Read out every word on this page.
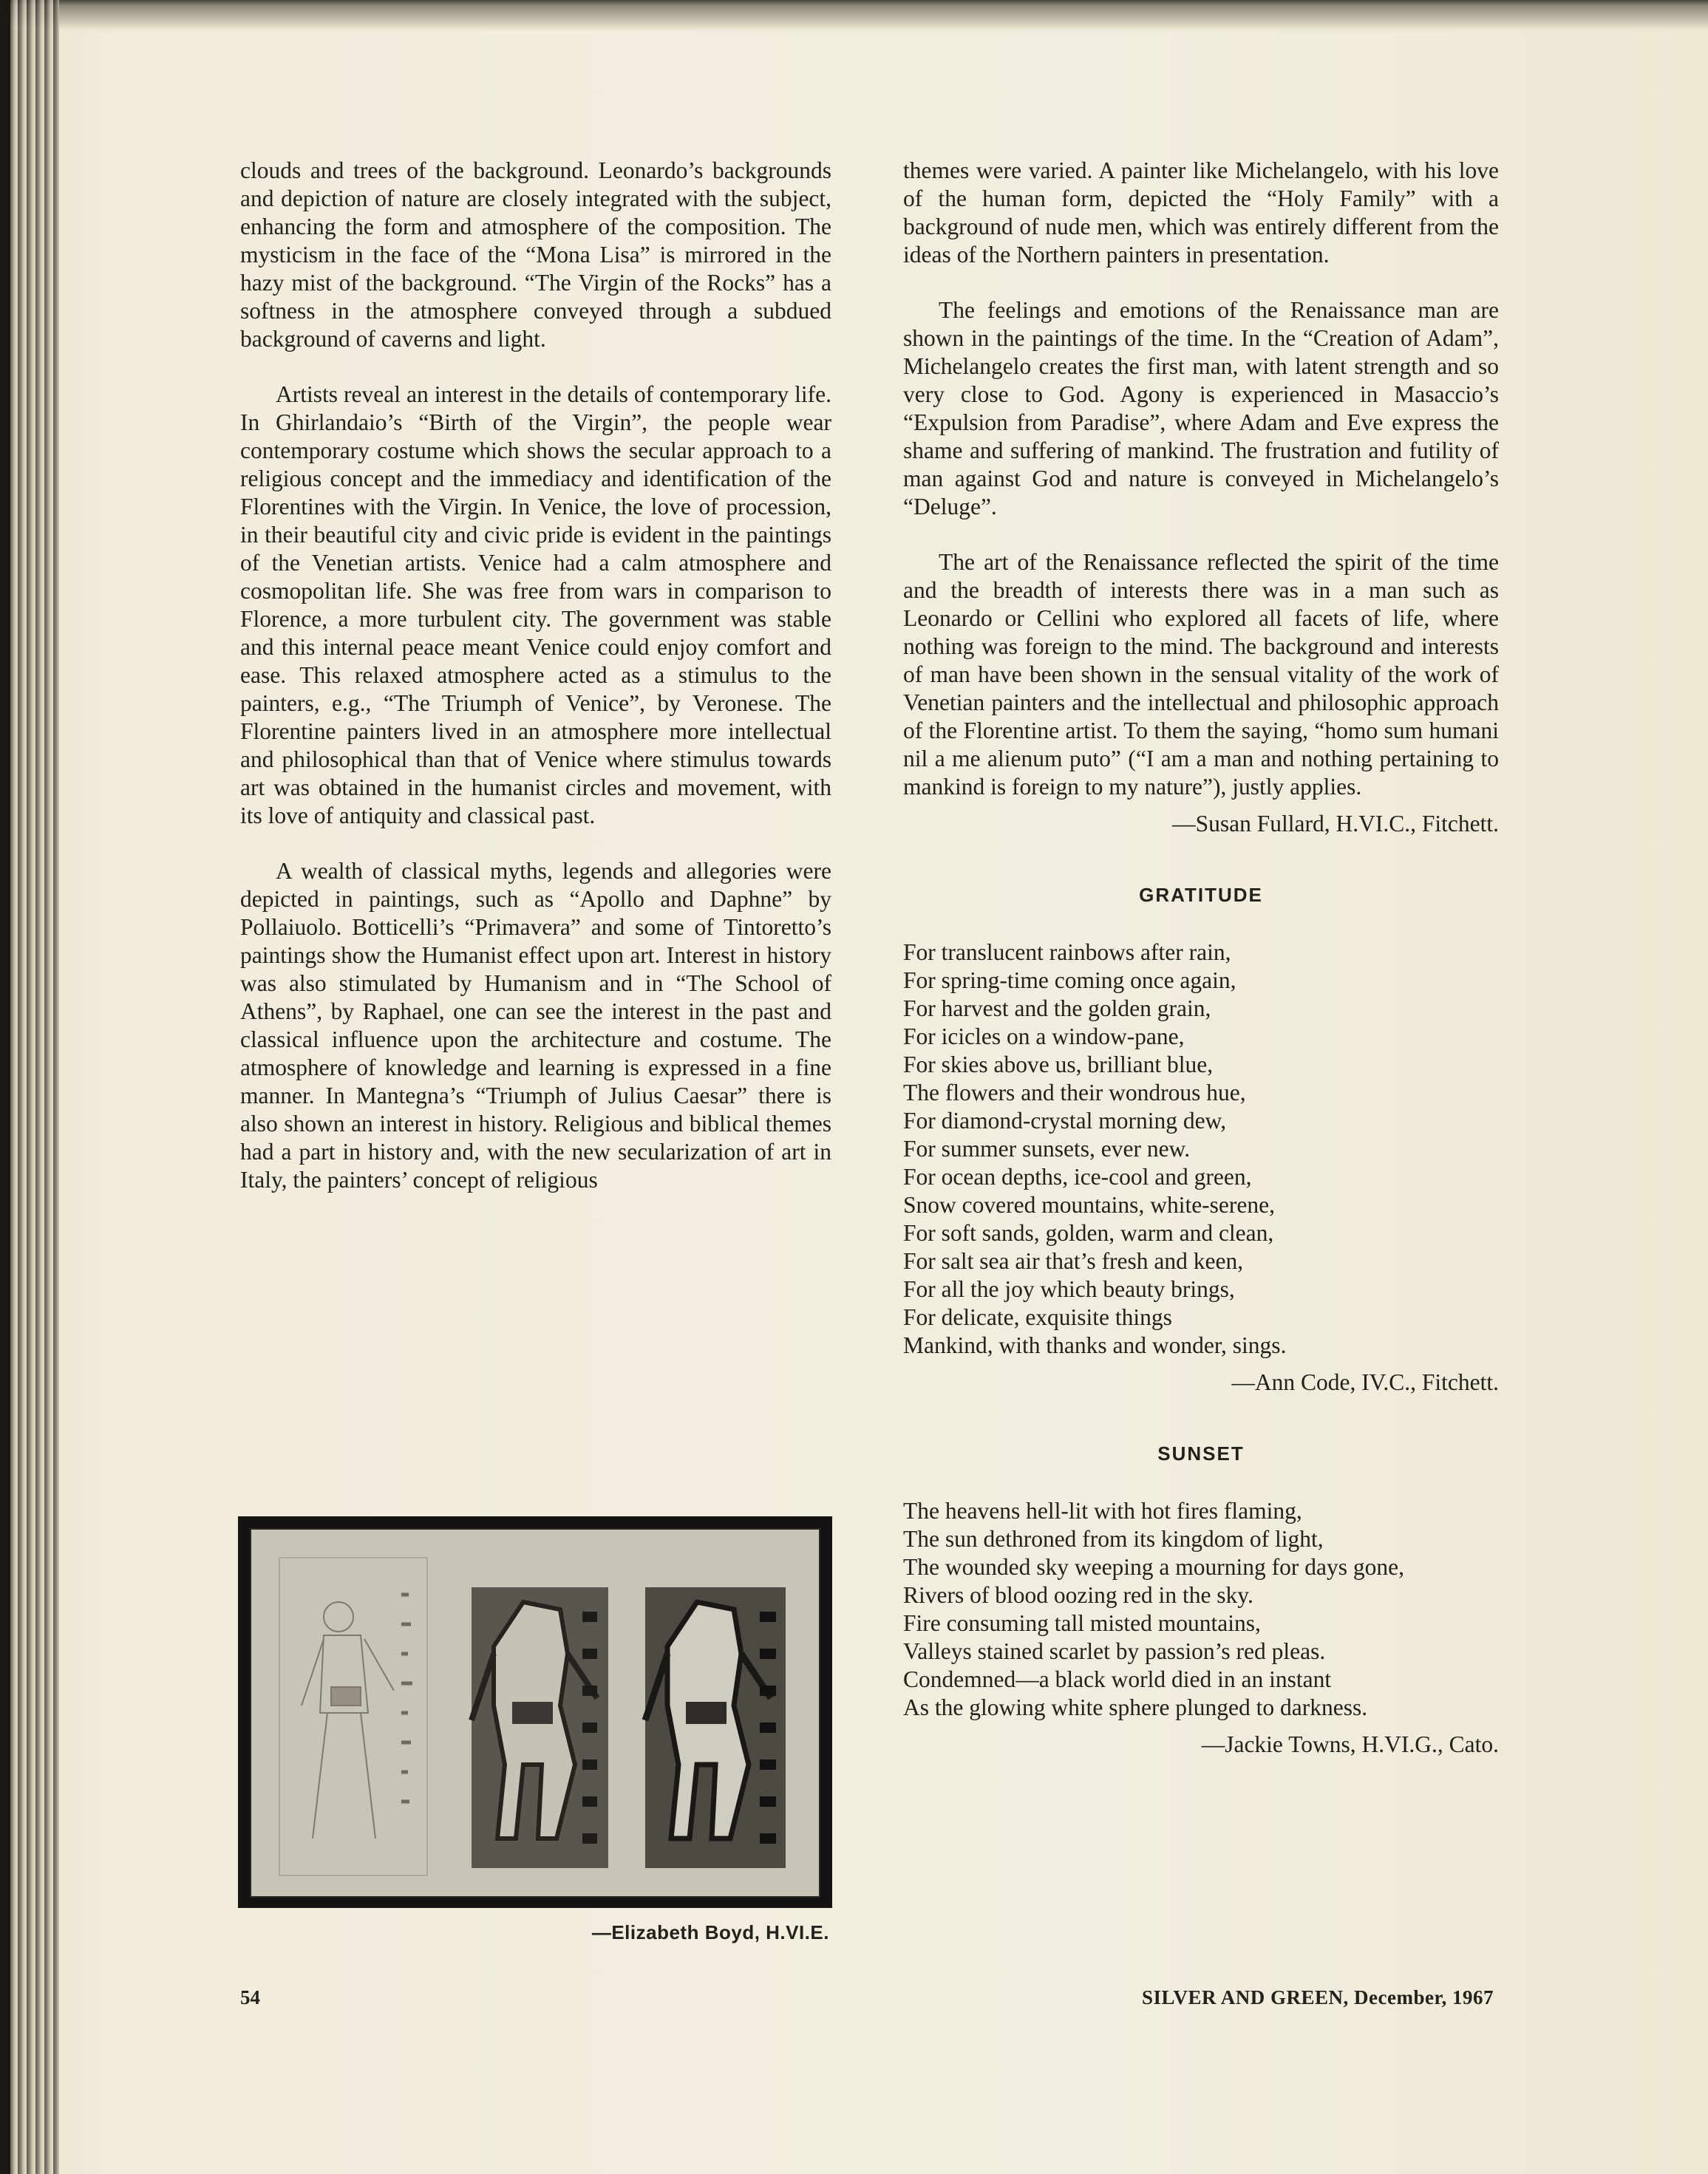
clouds and trees of the background. Leonardo’s backgrounds and depiction of nature are closely integrated with the subject, enhancing the form and atmosphere of the composition. The mysticism in the face of the “Mona Lisa” is mirrored in the hazy mist of the background. “The Virgin of the Rocks” has a softness in the atmosphere conveyed through a subdued background of caverns and light.

Artists reveal an interest in the details of contemporary life. In Ghirlandaio’s “Birth of the Virgin”, the people wear contemporary costume which shows the secular approach to a religious concept and the immediacy and identification of the Florentines with the Virgin. In Venice, the love of procession, in their beautiful city and civic pride is evident in the paintings of the Venetian artists. Venice had a calm atmosphere and cosmopolitan life. She was free from wars in comparison to Florence, a more turbulent city. The government was stable and this internal peace meant Venice could enjoy comfort and ease. This relaxed atmosphere acted as a stimulus to the painters, e.g., “The Triumph of Venice”, by Veronese. The Florentine painters lived in an atmosphere more intellectual and philosophical than that of Venice where stimulus towards art was obtained in the humanist circles and movement, with its love of antiquity and classical past.

A wealth of classical myths, legends and allegories were depicted in paintings, such as “Apollo and Daphne” by Pollaiuolo. Botticelli’s “Primavera” and some of Tintoretto’s paintings show the Humanist effect upon art. Interest in history was also stimulated by Humanism and in “The School of Athens”, by Raphael, one can see the interest in the past and classical influence upon the architecture and costume. The atmosphere of knowledge and learning is expressed in a fine manner. In Mantegna’s “Triumph of Julius Caesar” there is also shown an interest in history. Religious and biblical themes had a part in history and, with the new secularization of art in Italy, the painters’ concept of religious

—Elizabeth Boyd, H.VI.E.

themes were varied. A painter like Michelangelo, with his love of the human form, depicted the “Holy Family” with a background of nude men, which was entirely different from the ideas of the Northern painters in presentation.

The feelings and emotions of the Renaissance man are shown in the paintings of the time. In the “Creation of Adam”, Michelangelo creates the first man, with latent strength and so very close to God. Agony is experienced in Masaccio’s “Expulsion from Paradise”, where Adam and Eve express the shame and suffering of mankind. The frustration and futility of man against God and nature is conveyed in Michelangelo’s “Deluge”.

The art of the Renaissance reflected the spirit of the time and the breadth of interests there was in a man such as Leonardo or Cellini who explored all facets of life, where nothing was foreign to the mind. The background and interests of man have been shown in the sensual vitality of the work of Venetian painters and the intellectual and philosophic approach of the Florentine artist. To them the saying, “homo sum humani nil a me alienum puto” (“I am a man and nothing pertaining to mankind is foreign to my nature”), justly applies.

—Susan Fullard, H.VI.C., Fitchett.

GRATITUDE
For translucent rainbows after rain,
For spring-time coming once again,
For harvest and the golden grain,
For icicles on a window-pane,
For skies above us, brilliant blue,
The flowers and their wondrous hue,
For diamond-crystal morning dew,
For summer sunsets, ever new.
For ocean depths, ice-cool and green,
Snow covered mountains, white-serene,
For soft sands, golden, warm and clean,
For salt sea air that’s fresh and keen,
For all the joy which beauty brings,
For delicate, exquisite things
Mankind, with thanks and wonder, sings.

—Ann Code, IV.C., Fitchett.

SUNSET
The heavens hell-lit with hot fires flaming,
The sun dethroned from its kingdom of light,
The wounded sky weeping a mourning for days gone,
Rivers of blood oozing red in the sky.
Fire consuming tall misted mountains,
Valleys stained scarlet by passion’s red pleas.
Condemned—a black world died in an instant
As the glowing white sphere plunged to darkness.

—Jackie Towns, H.VI.G., Cato.

54	SILVER AND GREEN, December, 1967
